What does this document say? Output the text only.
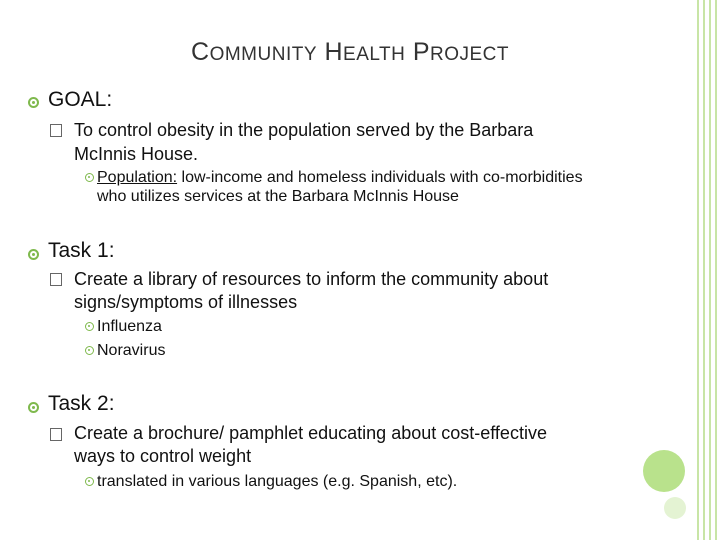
COMMUNITY HEALTH PROJECT
GOAL:
To control obesity in the population served by the Barbara
McInnis House.
Population: low-income and homeless individuals with co-morbidities
who utilizes services at the Barbara McInnis House
Task 1:
Create a library of resources to inform the community about
signs/symptoms of illnesses
Influenza
Noravirus
Task 2:
Create a brochure/ pamphlet educating about cost-effective
ways to control weight
translated in various languages (e.g. Spanish, etc).
